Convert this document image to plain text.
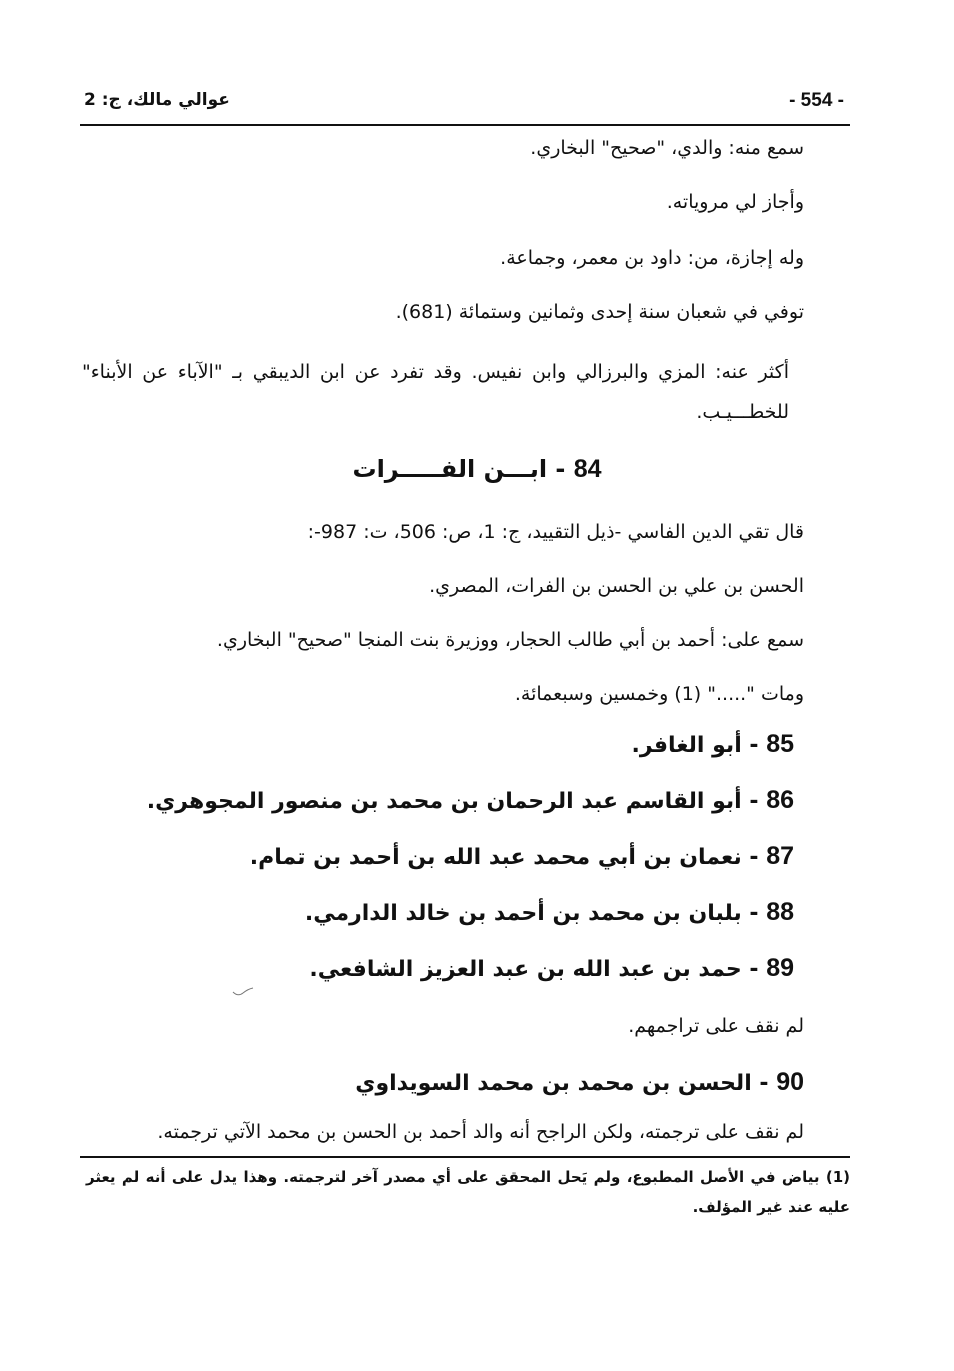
- 554 -
عوالي مالك، ج: 2
سمع منه: والدي، "صحيح" البخاري.
وأجاز لي مروياته.
وله إجازة، من: داود بن معمر، وجماعة.
توفي في شعبان سنة إحدى وثمانين وستمائة (681).
أكثر عنه: المزي والبرزالي وابن نفيس. وقد تفرد عن ابن الديبقي بـ "الآباء عن الأبناء" للخطـــيـب.
84 - ابـــن الفـــــرات
قال تقي الدين الفاسي -ذيل التقييد، ج: 1، ص: 506، ت: 987-:
الحسن بن علي بن الحسن بن الفرات، المصري.
سمع على: أحمد بن أبي طالب الحجار، ووزيرة بنت المنجا "صحيح" البخاري.
ومات "....." (1) وخمسين وسبعمائة.
85 - أبو الغافر.
86 - أبو القاسم عبد الرحمان بن محمد بن منصور المجوهري.
87 - نعمان بن أبي محمد عبد الله بن أحمد بن تمام.
88 - بلبان بن محمد بن أحمد بن خالد الدارمي.
89 - حمد بن عبد الله بن عبد العزيز الشافعي.
لم نقف على تراجمهم.
90 - الحسن بن محمد بن محمد السويداوي
لم نقف على ترجمته، ولكن الراجح أنه والد أحمد بن الحسن بن محمد الآتي ترجمته.
(1) بياض في الأصل المطبوع، ولم يَحل المحقق على أي مصدر آخر لترجمته. وهذا يدل على أنه لم يعثر عليه عند غير المؤلف.
